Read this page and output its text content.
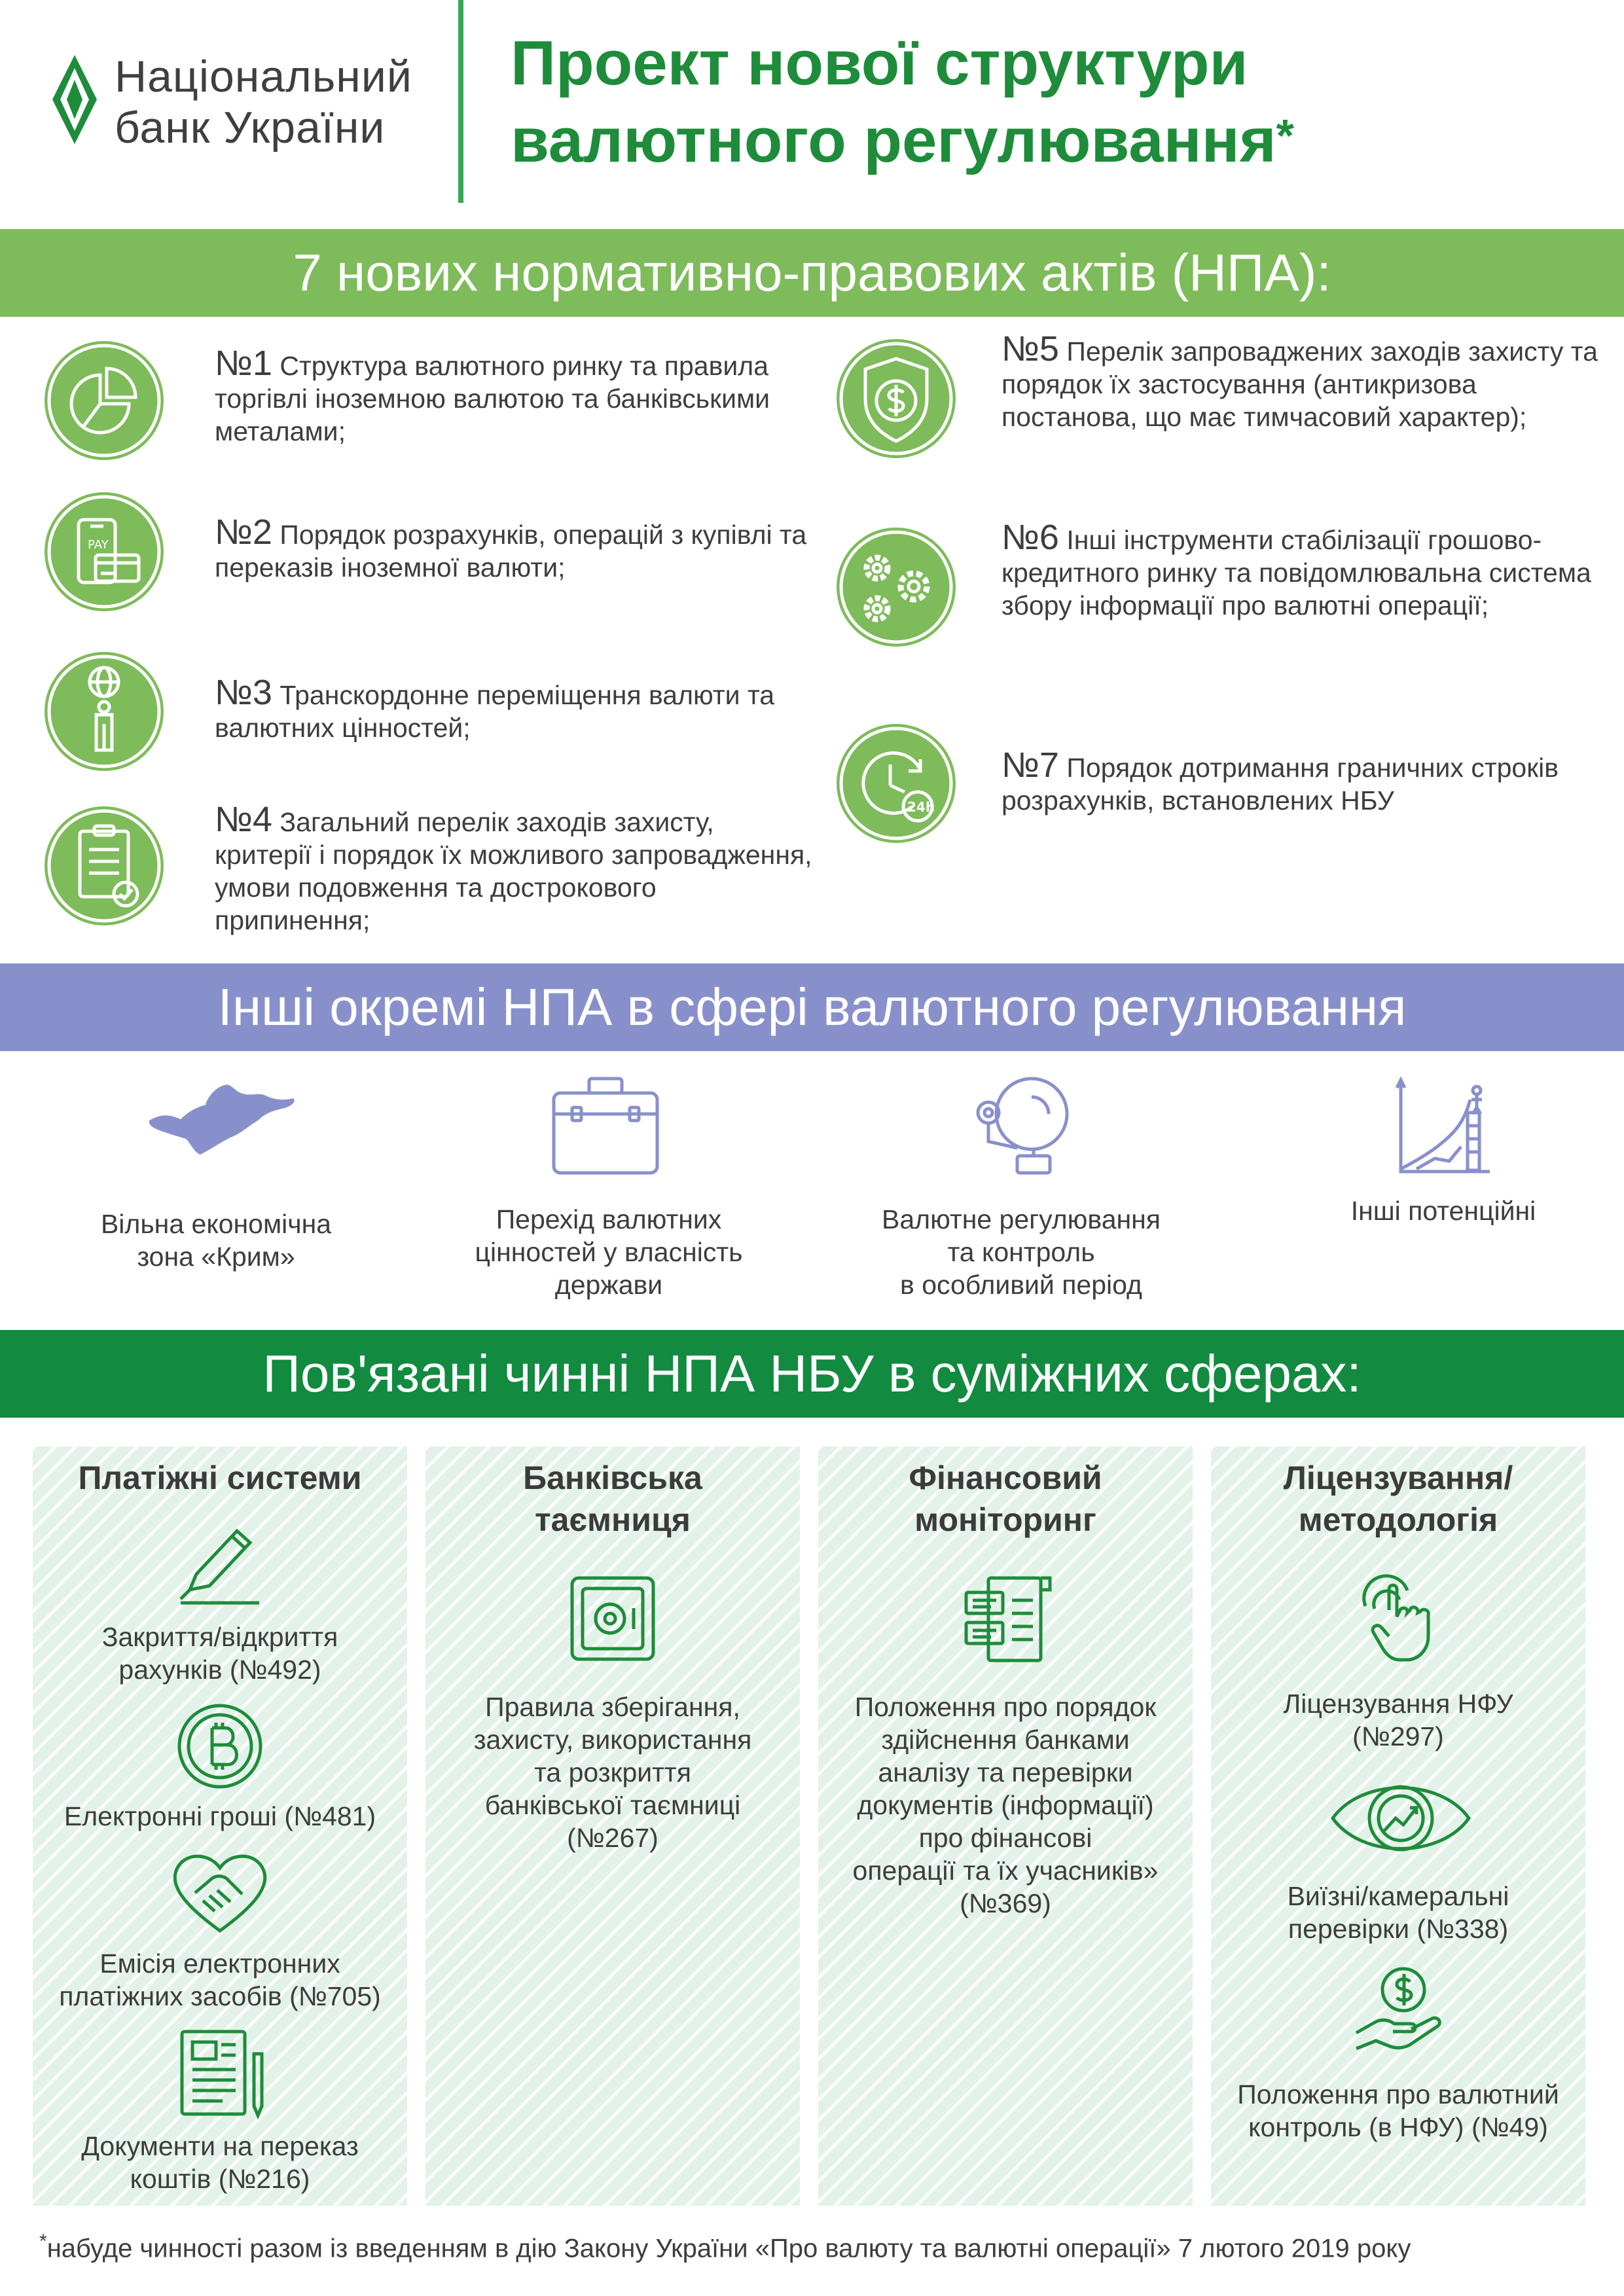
Національний
банк України
Проект нової структури
валютного регулювання*
7 нових нормативно-правових актів (НПА):
№1 Структура валютного ринку та правила торгівлі іноземною валютою та банківськими металами;
PAY	№2 Порядок розрахунків, операцій з купівлі та переказів іноземної валюти;
№3 Транскордонне переміщення валюти та валютних цінностей;
№4 Загальний перелік заходів захисту, критерії і порядок їх можливого запровадження, умови подовження та дострокового припинення;
№5 Перелік запроваджених заходів захисту та порядок їх застосування (антикризова постанова, що має тимчасовий характер);
№6 Інші інструменти стабілізації грошово-кредитного ринку та повідомлювальна система збору інформації про валютні операції;
24h
№7 Порядок дотримання граничних строків розрахунків, встановлених НБУ
Інші окремі НПА в сфері валютного регулювання
Вільна економічна
зона «Крим»
Перехід валютних
цінностей у власність
держави
Валютне регулювання
та контроль
в особливий період
Інші потенційні
Пов'язані чинні НПА НБУ в суміжних сферах:
Платіжні системи
Закриття/відкриття
рахунків (№492)
Електронні гроші (№481)
Емісія електронних
платіжних засобів (№705)
Документи на переказ
коштів (№216)
Банківська
таємниця
Правила зберігання,
захисту, використання
та розкриття
банківської таємниці
(№267)
Фінансовий
моніторинг
Положення про порядок
здійснення банками
аналізу та перевірки
документів (інформації)
про фінансові
операції та їх учасників»
(№369)
Ліцензування/
методологія
Ліцензування НФУ
(№297)
Виїзні/камеральні
перевірки (№338)
Положення про валютний
контроль (в НФУ) (№49)
*набуде чинності разом із введенням в дію Закону України «Про валюту та валютні операції» 7 лютого 2019 року
